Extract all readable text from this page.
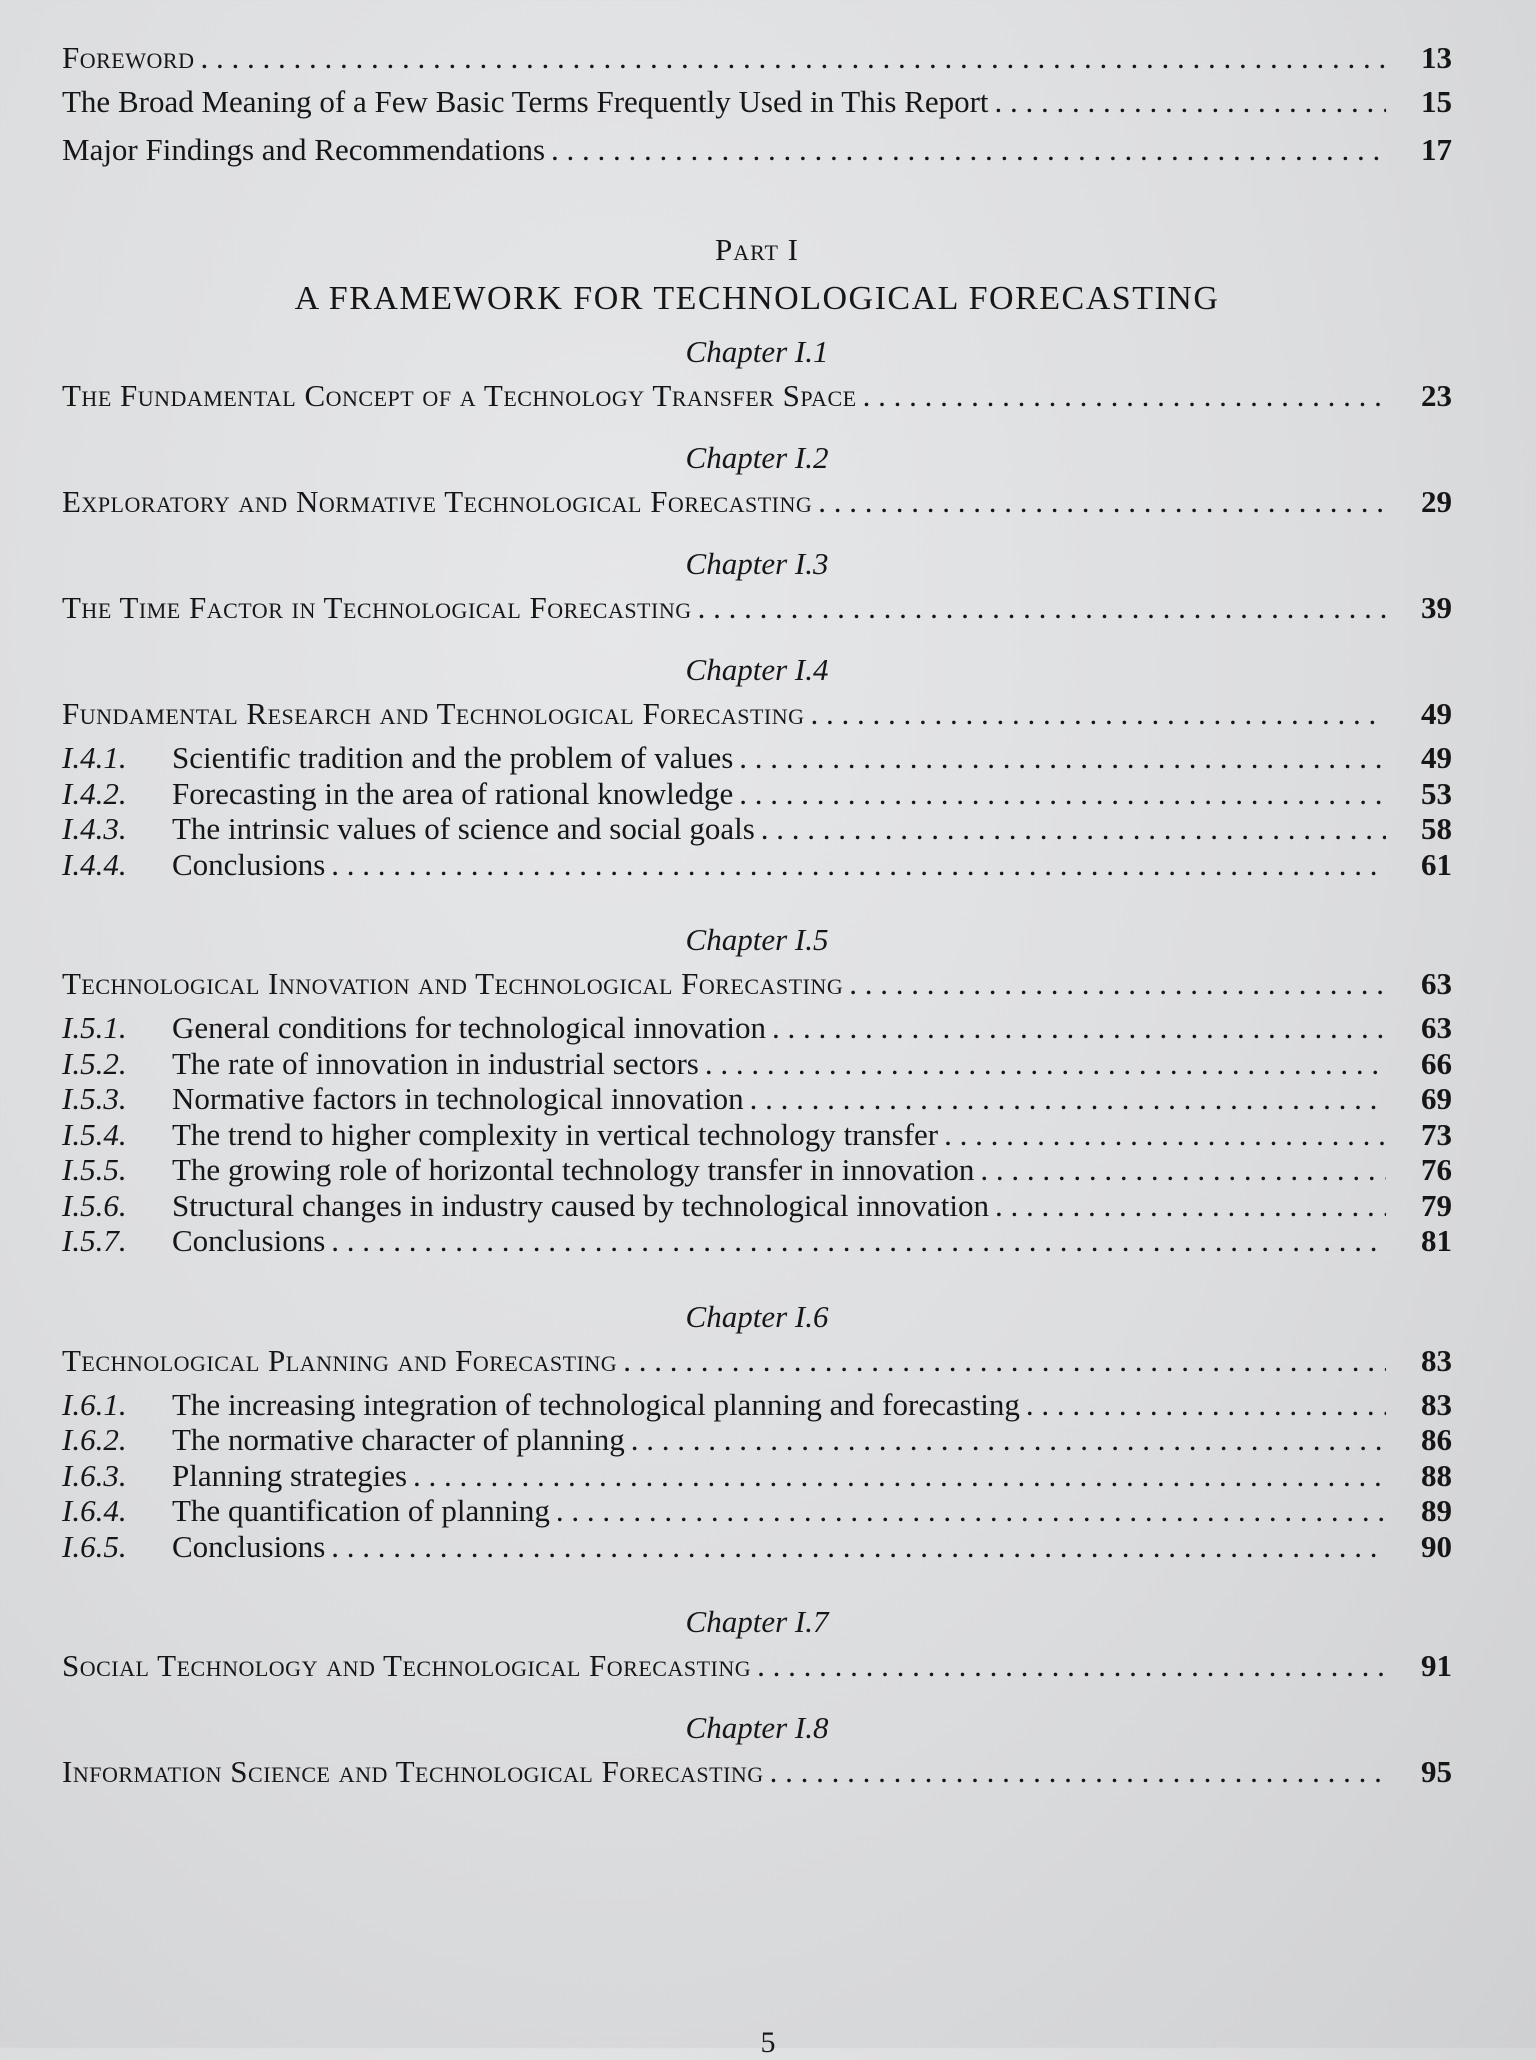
Foreword . . .	13
The Broad Meaning of a Few Basic Terms Frequently Used in This Report . . .	15
Major Findings and Recommendations . . .	17
Part I
A FRAMEWORK FOR TECHNOLOGICAL FORECASTING
Chapter I.1
The Fundamental Concept of a Technology Transfer Space . . .	23
Chapter I.2
Exploratory and Normative Technological Forecasting . . .	29
Chapter I.3
The Time Factor in Technological Forecasting . . .	39
Chapter I.4
Fundamental Research and Technological Forecasting . . .	49
I.4.1.	Scientific tradition and the problem of values . . .	49
I.4.2.	Forecasting in the area of rational knowledge . . .	53
I.4.3.	The intrinsic values of science and social goals . . .	58
I.4.4.	Conclusions . . .	61
Chapter I.5
Technological Innovation and Technological Forecasting . . .	63
I.5.1.	General conditions for technological innovation . . .	63
I.5.2.	The rate of innovation in industrial sectors . . .	66
I.5.3.	Normative factors in technological innovation . . .	69
I.5.4.	The trend to higher complexity in vertical technology transfer . . .	73
I.5.5.	The growing role of horizontal technology transfer in innovation . . .	76
I.5.6.	Structural changes in industry caused by technological innovation . . .	79
I.5.7.	Conclusions . . .	81
Chapter I.6
Technological Planning and Forecasting . . .	83
I.6.1.	The increasing integration of technological planning and forecasting . . .	83
I.6.2.	The normative character of planning . . .	86
I.6.3.	Planning strategies . . .	88
I.6.4.	The quantification of planning . . .	89
I.6.5.	Conclusions . . .	90
Chapter I.7
Social Technology and Technological Forecasting . . .	91
Chapter I.8
Information Science and Technological Forecasting . . .	95
5
